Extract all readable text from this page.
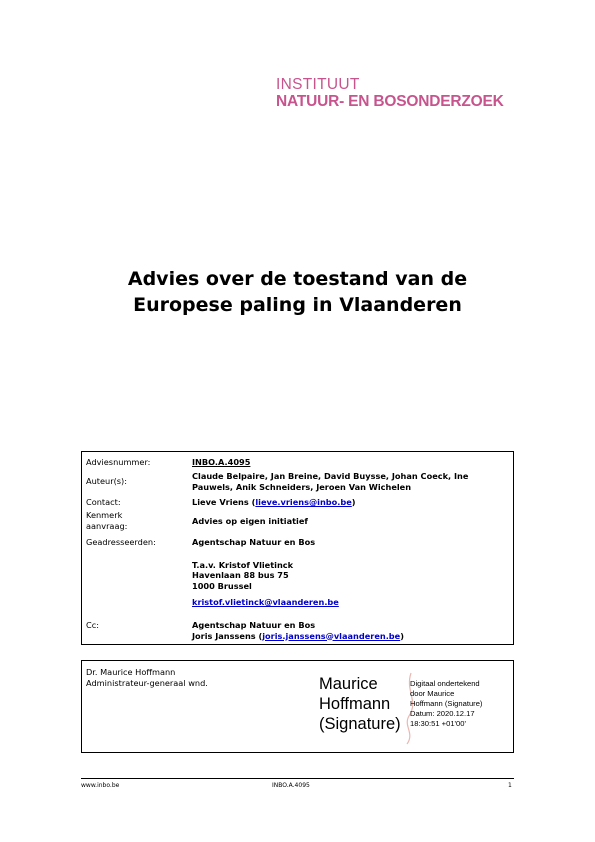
INSTITUUT
NATUUR- EN BOSONDERZOEK
Advies over de toestand van de
Europese paling in Vlaanderen
Adviesnummer:	INBO.A.4095
Auteur(s):	Claude Belpaire, Jan Breine, David Buysse, Johan Coeck, Ine
Pauwels, Anik Schneiders, Jeroen Van Wichelen
Contact:	Lieve Vriens (lieve.vriens@inbo.be)
Kenmerk
aanvraag:	Advies op eigen initiatief
Geadresseerden:	Agentschap Natuur en Bos
T.a.v. Kristof Vlietinck
Havenlaan 88 bus 75
1000 Brussel
kristof.vlietinck@vlaanderen.be
Cc:	Agentschap Natuur en Bos
Joris Janssens (joris.janssens@vlaanderen.be)
Dr. Maurice Hoffmann
Administrateur-generaal wnd.	Maurice
Hoffmann
(Signature)
Digitaal ondertekend
door Maurice
Hoffmann (Signature)
Datum: 2020.12.17
18:30:51 +01'00'
www.inbo.be	INBO.A.4095	1
